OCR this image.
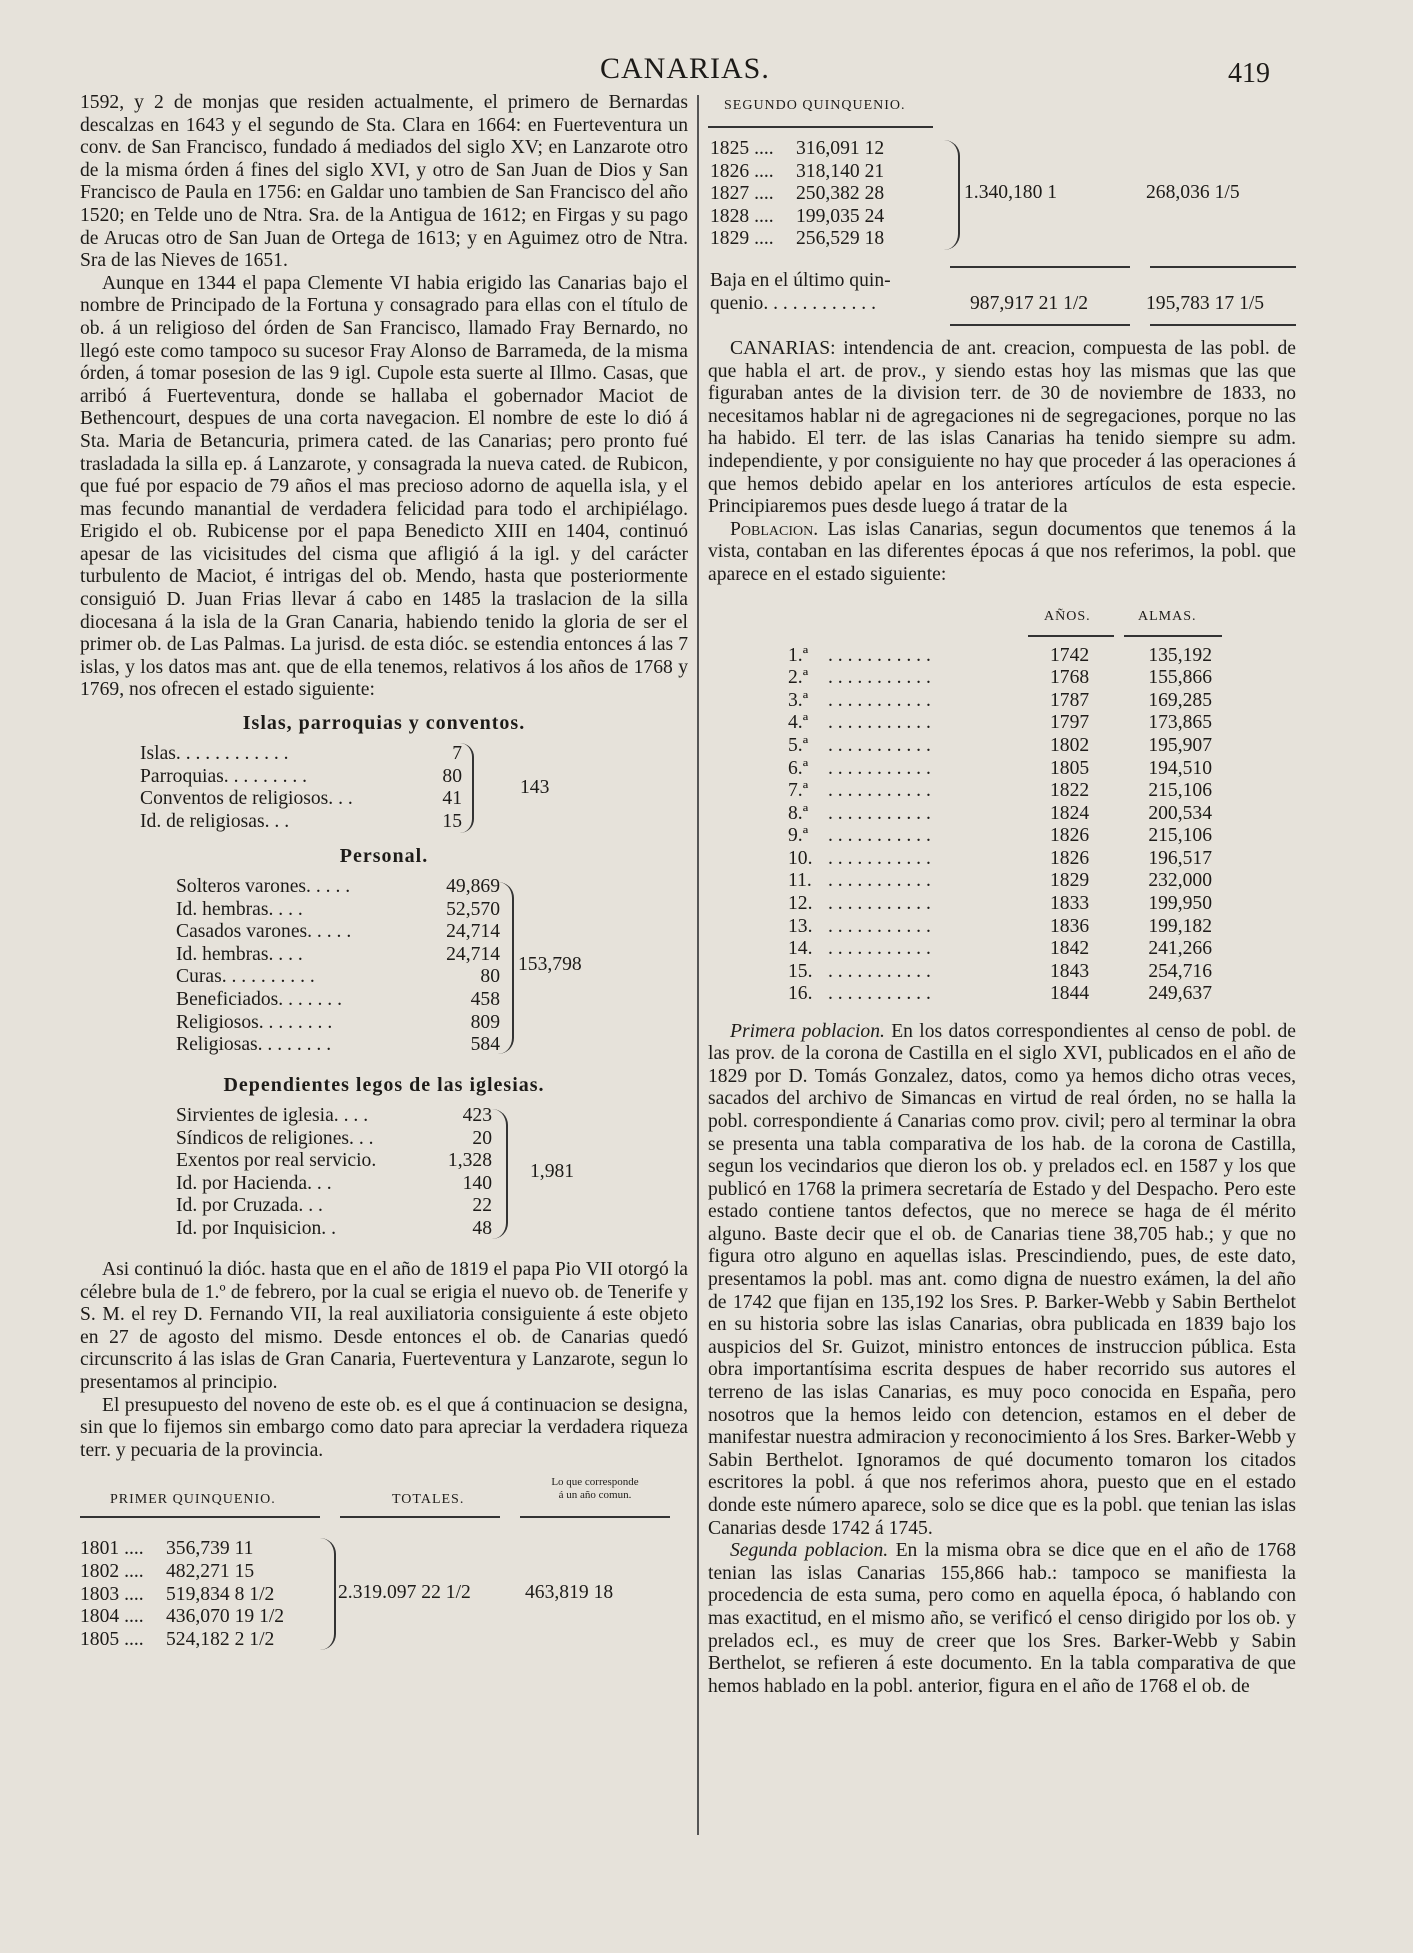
CANARIAS.	419

1592, y 2 de monjas que residen actualmente, el primero de Bernardas descalzas en 1643 y el segundo de Sta. Clara en 1664: en Fuerteventura un conv. de San Francisco, fundado á mediados del siglo XV; en Lanzarote otro de la misma órden á fines del siglo XVI, y otro de San Juan de Dios y San Francisco de Paula en 1756: en Galdar uno tambien de San Francisco del año 1520; en Telde uno de Ntra. Sra. de la Antigua de 1612; en Firgas y su pago de Arucas otro de San Juan de Ortega de 1613; y en Aguimez otro de Ntra. Sra de las Nieves de 1651.

Aunque en 1344 el papa Clemente VI habia erigido las Canarias bajo el nombre de Principado de la Fortuna y consagrado para ellas con el título de ob. á un religioso del órden de San Francisco, llamado Fray Bernardo, no llegó este como tampoco su sucesor Fray Alonso de Barrameda, de la misma órden, á tomar posesion de las 9 igl. Cupole esta suerte al Illmo. Casas, que arribó á Fuerteventura, donde se hallaba el gobernador Maciot de Bethencourt, despues de una corta navegacion. El nombre de este lo dió á Sta. Maria de Betancuria, primera cated. de las Canarias; pero pronto fué trasladada la silla ep. á Lanzarote, y consagrada la nueva cated. de Rubicon, que fué por espacio de 79 años el mas precioso adorno de aquella isla, y el mas fecundo manantial de verdadera felicidad para todo el archipiélago. Erigido el ob. Rubicense por el papa Benedicto XIII en 1404, continuó apesar de las vicisitudes del cisma que afligió á la igl. y del carácter turbulento de Maciot, é intrigas del ob. Mendo, hasta que posteriormente consiguió D. Juan Frias llevar á cabo en 1485 la traslacion de la silla diocesana á la isla de la Gran Canaria, habiendo tenido la gloria de ser el primer ob. de Las Palmas. La jurisd. de esta dióc. se estendia entonces á las 7 islas, y los datos mas ant. que de ella tenemos, relativos á los años de 1768 y 1769, nos ofrecen el estado siguiente:

Islas, parroquias y conventos.
Islas. . . . . . . . . . . .	7
Parroquias. . . . . . . . .	80
Conventos de religiosos. . .	41
Id. de religiosas. . .	15
143
Personal.
Solteros varones. . . . .	49,869
Id. hembras. . . .	52,570
Casados varones. . . . .	24,714
Id. hembras. . . .	24,714
Curas. . . . . . . . . .	80
Beneficiados. . . . . . .	458
Religiosos. . . . . . . .	809
Religiosas. . . . . . . .	584
153,798
Dependientes legos de las iglesias.
Sirvientes de iglesia. . . .	423
Síndicos de religiones. . .	20
Exentos por real servicio.	1,328
Id. por Hacienda. . .	140
Id. por Cruzada. . .	22
Id. por Inquisicion. .	48
1,981

Asi continuó la dióc. hasta que en el año de 1819 el papa Pio VII otorgó la célebre bula de 1.º de febrero, por la cual se erigia el nuevo ob. de Tenerife y S. M. el rey D. Fernando VII, la real auxiliatoria consiguiente á este objeto en 27 de agosto del mismo. Desde entonces el ob. de Canarias quedó circunscrito á las islas de Gran Canaria, Fuerteventura y Lanzarote, segun lo presentamos al principio.

El presupuesto del noveno de este ob. es el que á continuacion se designa, sin que lo fijemos sin embargo como dato para apreciar la verdadera riqueza terr. y pecuaria de la provincia.

PRIMER QUINQUENIO.	TOTALES.
Lo que corresponde
á un año comun.
1801 .... 356,739 11
1802 .... 482,271 15
1803 .... 519,834 8 1/2
1804 .... 436,070 19 1/2
1805 .... 524,182 2 1/2
2.319.097 22 1/2	463,819 18
SEGUNDO QUINQUENIO.
1825 .... 316,091 12
1826 .... 318,140 21
1827 .... 250,382 28
1828 .... 199,035 24
1829 .... 256,529 18
1.340,180 1	268,036 1/5
Baja en el último quin-
quenio. . . . . . . . . . . .	987,917 21 1/2	195,783 17 1/5

CANARIAS: intendencia de ant. creacion, compuesta de las pobl. de que habla el art. de prov., y siendo estas hoy las mismas que las que figuraban antes de la division terr. de 30 de noviembre de 1833, no necesitamos hablar ni de agregaciones ni de segregaciones, porque no las ha habido. El terr. de las islas Canarias ha tenido siempre su adm. independiente, y por consiguiente no hay que proceder á las operaciones á que hemos debido apelar en los anteriores artículos de esta especie. Principiaremos pues desde luego á tratar de la

Poblacion. Las islas Canarias, segun documentos que tenemos á la vista, contaban en las diferentes épocas á que nos referimos, la pobl. que aparece en el estado siguiente:

AÑOS.	ALMAS.
1.ª . . . . . . . . . . .	1742	135,192
2.ª . . . . . . . . . . .	1768	155,866
3.ª . . . . . . . . . . .	1787	169,285
4.ª . . . . . . . . . . .	1797	173,865
5.ª . . . . . . . . . . .	1802	195,907
6.ª . . . . . . . . . . .	1805	194,510
7.ª . . . . . . . . . . .	1822	215,106
8.ª . . . . . . . . . . .	1824	200,534
9.ª . . . . . . . . . . .	1826	215,106
10. . . . . . . . . . . .	1826	196,517
11. . . . . . . . . . . .	1829	232,000
12. . . . . . . . . . . .	1833	199,950
13. . . . . . . . . . . .	1836	199,182
14. . . . . . . . . . . .	1842	241,266
15. . . . . . . . . . . .	1843	254,716
16. . . . . . . . . . . .	1844	249,637

Primera poblacion. En los datos correspondientes al censo de pobl. de las prov. de la corona de Castilla en el siglo XVI, publicados en el año de 1829 por D. Tomás Gonzalez, datos, como ya hemos dicho otras veces, sacados del archivo de Simancas en virtud de real órden, no se halla la pobl. correspondiente á Canarias como prov. civil; pero al terminar la obra se presenta una tabla comparativa de los hab. de la corona de Castilla, segun los vecindarios que dieron los ob. y prelados ecl. en 1587 y los que publicó en 1768 la primera secretaría de Estado y del Despacho. Pero este estado contiene tantos defectos, que no merece se haga de él mérito alguno. Baste decir que el ob. de Canarias tiene 38,705 hab.; y que no figura otro alguno en aquellas islas. Prescindiendo, pues, de este dato, presentamos la pobl. mas ant. como digna de nuestro exámen, la del año de 1742 que fijan en 135,192 los Sres. P. Barker-Webb y Sabin Berthelot en su historia sobre las islas Canarias, obra publicada en 1839 bajo los auspicios del Sr. Guizot, ministro entonces de instruccion pública. Esta obra importantísima escrita despues de haber recorrido sus autores el terreno de las islas Canarias, es muy poco conocida en España, pero nosotros que la hemos leido con detencion, estamos en el deber de manifestar nuestra admiracion y reconocimiento á los Sres. Barker-Webb y Sabin Berthelot. Ignoramos de qué documento tomaron los citados escritores la pobl. á que nos referimos ahora, puesto que en el estado donde este número aparece, solo se dice que es la pobl. que tenian las islas Canarias desde 1742 á 1745.

Segunda poblacion. En la misma obra se dice que en el año de 1768 tenian las islas Canarias 155,866 hab.: tampoco se manifiesta la procedencia de esta suma, pero como en aquella época, ó hablando con mas exactitud, en el mismo año, se verificó el censo dirigido por los ob. y prelados ecl., es muy de creer que los Sres. Barker-Webb y Sabin Berthelot, se refieren á este documento. En la tabla comparativa de que hemos hablado en la pobl. anterior, figura en el año de 1768 el ob. de
